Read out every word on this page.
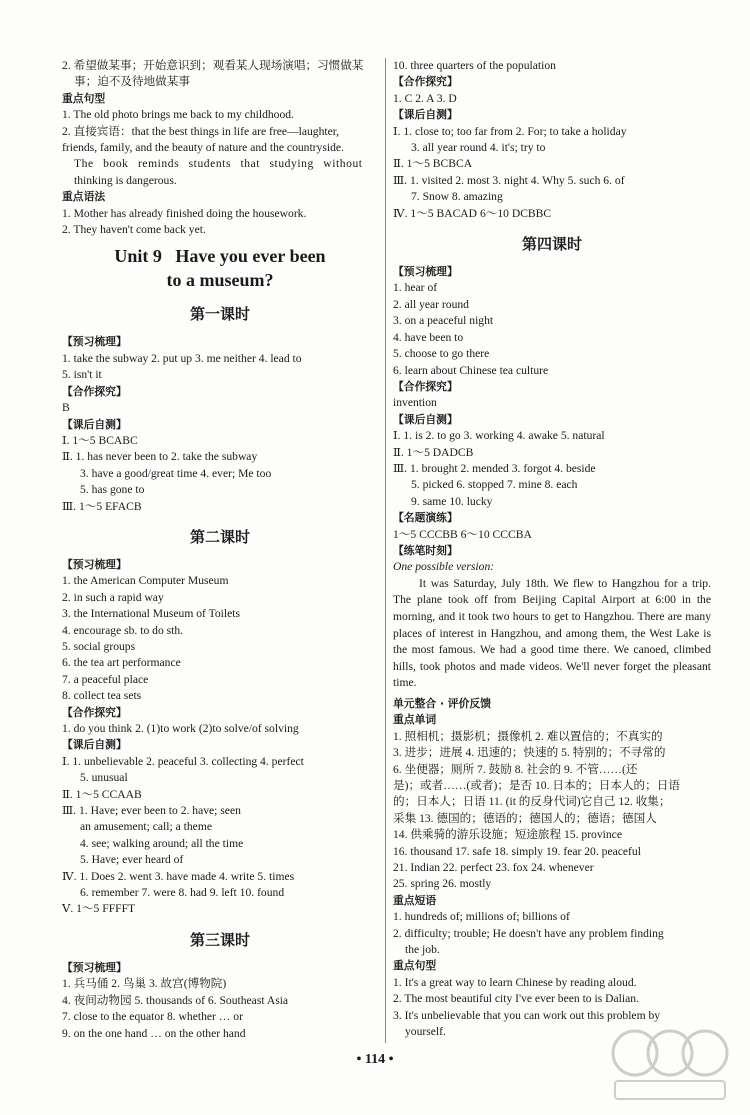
2. 希望做某事；开始意识到；观看某人现场演唱；习惯做某
事；迫不及待地做某事
重点句型
1. The old photo brings me back to my childhood.
2. 直接宾语：that the best things in life are free—laughter,
friends, family, and the beauty of nature and the countryside.
The book reminds students that studying without
thinking is dangerous.
重点语法
1. Mother has already finished doing the housework.
2. They haven't come back yet.
Unit 9   Have you ever been
to a museum?
第一课时
【预习梳理】
1. take the subway 2. put up 3. me neither 4. lead to
5. isn't it
【合作探究】
B
【课后自测】
Ⅰ. 1～5 BCABC
Ⅱ. 1. has never been to 2. take the subway
3. have a good/great time 4. ever; Me too
5. has gone to
Ⅲ. 1～5 EFACB
第二课时
【预习梳理】
1. the American Computer Museum
2. in such a rapid way
3. the International Museum of Toilets
4. encourage sb. to do sth.
5. social groups
6. the tea art performance
7. a peaceful place
8. collect tea sets
【合作探究】
1. do you think 2. (1)to work (2)to solve/of solving
【课后自测】
Ⅰ. 1. unbelievable 2. peaceful 3. collecting 4. perfect
5. unusual
Ⅱ. 1～5 CCAAB
Ⅲ. 1. Have; ever been to 2. have; seen
an amusement; call; a theme
4. see; walking around; all the time
5. Have; ever heard of
Ⅳ. 1. Does 2. went 3. have made 4. write 5. times
6. remember 7. were 8. had 9. left 10. found
Ⅴ. 1～5 FFFFT
第三课时
【预习梳理】
1. 兵马俑 2. 鸟巢 3. 故宫(博物院)
4. 夜间动物园 5. thousands of 6. Southeast Asia
7. close to the equator 8. whether … or
9. on the one hand … on the other hand
10. three quarters of the population
【合作探究】
1. C 2. A 3. D
【课后自测】
Ⅰ. 1. close to; too far from 2. For; to take a holiday
3. all year round 4. it's; try to
Ⅱ. 1～5 BCBCA
Ⅲ. 1. visited 2. most 3. night 4. Why 5. such 6. of
7. Snow 8. amazing
Ⅳ. 1～5 BACAD 6～10 DCBBC
第四课时
【预习梳理】
1. hear of
2. all year round
3. on a peaceful night
4. have been to
5. choose to go there
6. learn about Chinese tea culture
【合作探究】
invention
【课后自测】
Ⅰ. 1. is 2. to go 3. working 4. awake 5. natural
Ⅱ. 1～5 DADCB
Ⅲ. 1. brought 2. mended 3. forgot 4. beside
5. picked 6. stopped 7. mine 8. each
9. same 10. lucky
【名题演练】
1～5 CCCBB 6～10 CCCBA
【练笔时刻】
One possible version:
It was Saturday, July 18th. We flew to Hangzhou for a trip. The plane took off from Beijing Capital Airport at 6:00 in the morning, and it took two hours to get to Hangzhou. There are many places of interest in Hangzhou, and among them, the West Lake is the most famous. We had a good time there. We canoed, climbed hills, took photos and made videos. We'll never forget the pleasant time.
单元整合 · 评价反馈
重点单词
1. 照相机；摄影机；摄像机 2. 难以置信的；不真实的
3. 进步；进展 4. 迅速的；快速的 5. 特别的；不寻常的
6. 坐便器；厕所 7. 鼓励 8. 社会的 9. 不管……(还
是)；或者……(或者)；是否 10. 日本的；日本人的；日语
的；日本人；日语 11. (it 的反身代词)它自己 12. 收集；
采集 13. 德国的；德语的；德国人的；德语；德国人
14. 供乘骑的游乐设施；短途旅程 15. province
16. thousand 17. safe 18. simply 19. fear 20. peaceful
21. Indian 22. perfect 23. fox 24. whenever
25. spring 26. mostly
重点短语
1. hundreds of; millions of; billions of
2. difficulty; trouble; He doesn't have any problem finding
the job.
重点句型
1. It's a great way to learn Chinese by reading aloud.
2. The most beautiful city I've ever been to is Dalian.
3. It's unbelievable that you can work out this problem by
yourself.
• 114 •
